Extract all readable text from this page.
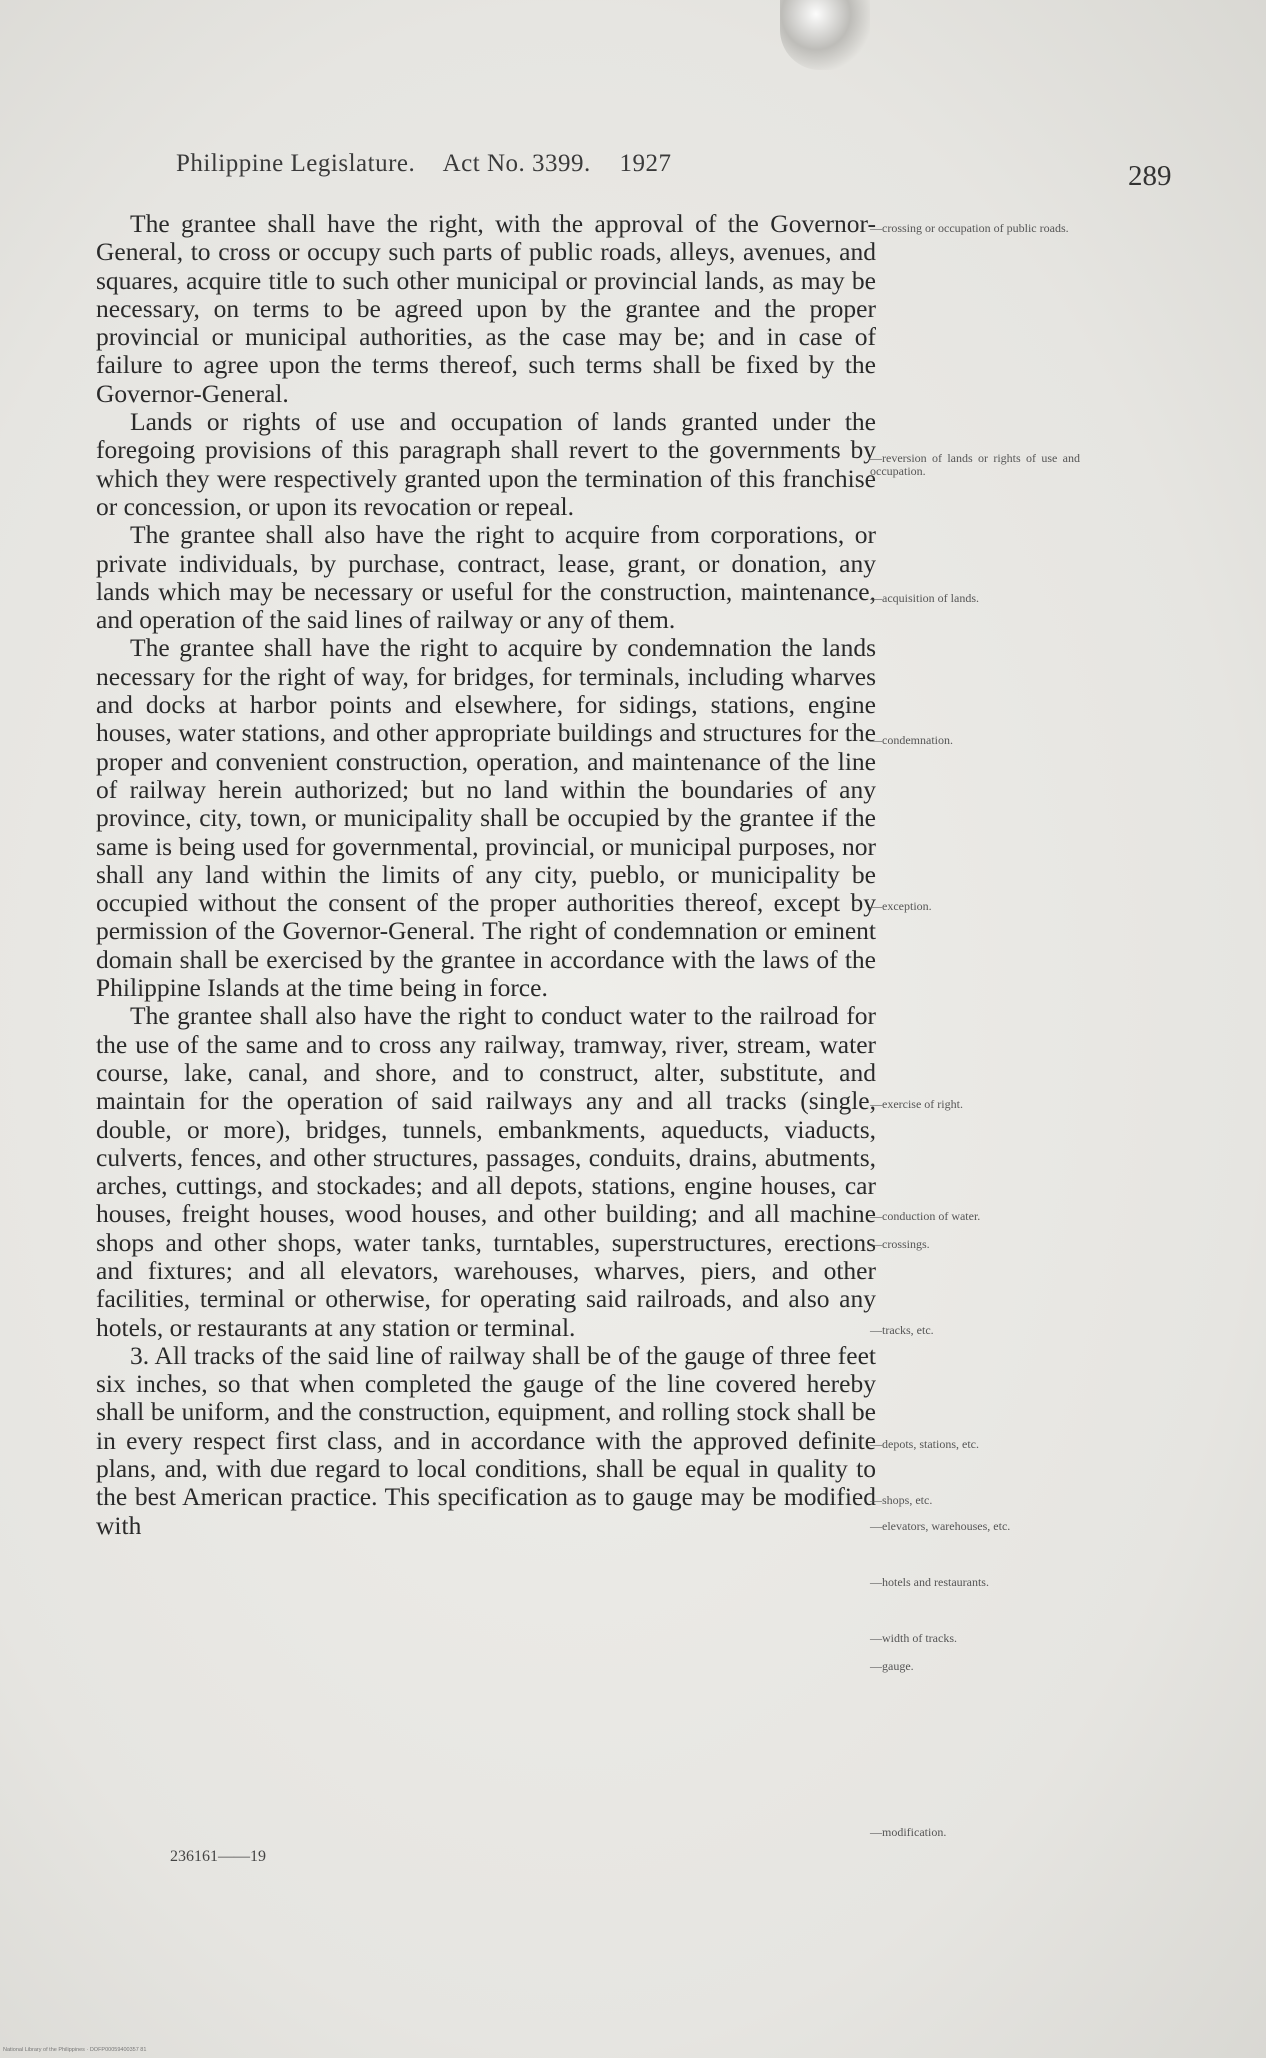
Philippine Legislature. Act No. 3399. 1927	289

The grantee shall have the right, with the approval of the Governor-General, to cross or occupy such parts of public roads, alleys, avenues, and squares, acquire title to such other municipal or provincial lands, as may be necessary, on terms to be agreed upon by the grantee and the proper provincial or municipal authorities, as the case may be; and in case of failure to agree upon the terms thereof, such terms shall be fixed by the Governor-General.

Lands or rights of use and occupation of lands granted under the foregoing provisions of this paragraph shall revert to the governments by which they were respectively granted upon the termination of this franchise or concession, or upon its revocation or repeal.

The grantee shall also have the right to acquire from corporations, or private individuals, by purchase, contract, lease, grant, or donation, any lands which may be necessary or useful for the construction, maintenance, and operation of the said lines of railway or any of them.

The grantee shall have the right to acquire by condemnation the lands necessary for the right of way, for bridges, for terminals, including wharves and docks at harbor points and elsewhere, for sidings, stations, engine houses, water stations, and other appropriate buildings and structures for the proper and convenient construction, operation, and maintenance of the line of railway herein authorized; but no land within the boundaries of any province, city, town, or municipality shall be occupied by the grantee if the same is being used for governmental, provincial, or municipal purposes, nor shall any land within the limits of any city, pueblo, or municipality be occupied without the consent of the proper authorities thereof, except by permission of the Governor-General. The right of condemnation or eminent domain shall be exercised by the grantee in accordance with the laws of the Philippine Islands at the time being in force.

The grantee shall also have the right to conduct water to the railroad for the use of the same and to cross any railway, tramway, river, stream, water course, lake, canal, and shore, and to construct, alter, substitute, and maintain for the operation of said railways any and all tracks (single, double, or more), bridges, tunnels, embankments, aqueducts, viaducts, culverts, fences, and other structures, passages, conduits, drains, abutments, arches, cuttings, and stockades; and all depots, stations, engine houses, car houses, freight houses, wood houses, and other building; and all machine shops and other shops, water tanks, turntables, superstructures, erections and fixtures; and all elevators, warehouses, wharves, piers, and other facilities, terminal or otherwise, for operating said railroads, and also any hotels, or restaurants at any station or terminal.

3. All tracks of the said line of railway shall be of the gauge of three feet six inches, so that when completed the gauge of the line covered hereby shall be uniform, and the construction, equipment, and rolling stock shall be in every respect first class, and in accordance with the approved definite plans, and, with due regard to local conditions, shall be equal in quality to the best American practice. This specification as to gauge may be modified with

—crossing or occupation of public roads.
—reversion of lands or rights of use and occupation.
—acquisition of lands.
—condemnation.
—exception.
—exercise of right.
—conduction of water.
—crossings.
—tracks, etc.
—depots, stations, etc.
—shops, etc.
—elevators, warehouses, etc.
—hotels and restaurants.
—width of tracks.
—gauge.
—modification.
236161——19
National Library of the Philippines · DOFP00059400357 81
